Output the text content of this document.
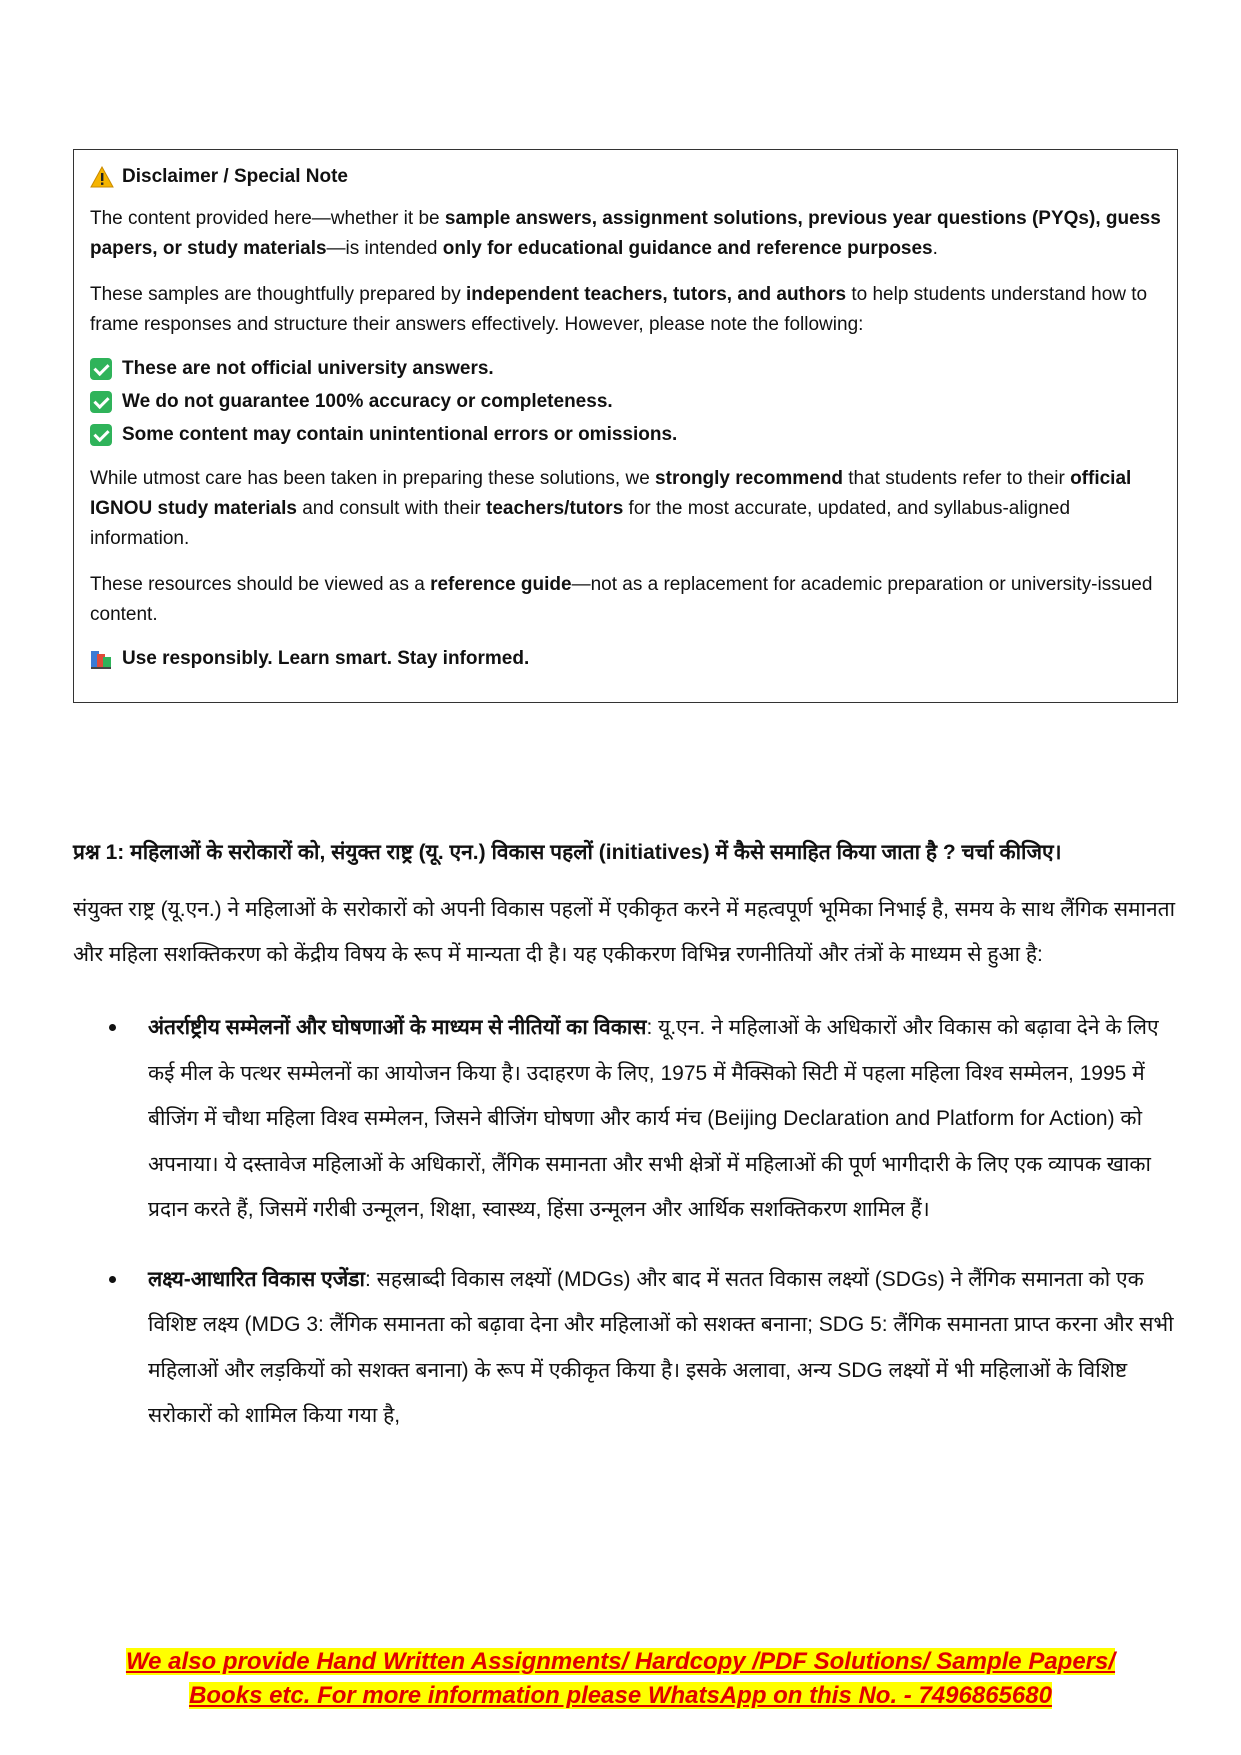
Disclaimer / Special Note

The content provided here—whether it be sample answers, assignment solutions, previous year questions (PYQs), guess papers, or study materials—is intended only for educational guidance and reference purposes.

These samples are thoughtfully prepared by independent teachers, tutors, and authors to help students understand how to frame responses and structure their answers effectively. However, please note the following:

These are not official university answers.
We do not guarantee 100% accuracy or completeness.
Some content may contain unintentional errors or omissions.

While utmost care has been taken in preparing these solutions, we strongly recommend that students refer to their official IGNOU study materials and consult with their teachers/tutors for the most accurate, updated, and syllabus-aligned information.

These resources should be viewed as a reference guide—not as a replacement for academic preparation or university-issued content.

Use responsibly. Learn smart. Stay informed.

प्रश्न 1: महिलाओं के सरोकारों को, संयुक्त राष्ट्र (यू. एन.) विकास पहलों (initiatives) में कैसे समाहित किया जाता है ? चर्चा कीजिए।

संयुक्त राष्ट्र (यू.एन.) ने महिलाओं के सरोकारों को अपनी विकास पहलों में एकीकृत करने में महत्वपूर्ण भूमिका निभाई है, समय के साथ लैंगिक समानता और महिला सशक्तिकरण को केंद्रीय विषय के रूप में मान्यता दी है। यह एकीकरण विभिन्न रणनीतियों और तंत्रों के माध्यम से हुआ है:

अंतर्राष्ट्रीय सम्मेलनों और घोषणाओं के माध्यम से नीतियों का विकास: यू.एन. ने महिलाओं के अधिकारों और विकास को बढ़ावा देने के लिए कई मील के पत्थर सम्मेलनों का आयोजन किया है। उदाहरण के लिए, 1975 में मैक्सिको सिटी में पहला महिला विश्व सम्मेलन, 1995 में बीजिंग में चौथा महिला विश्व सम्मेलन, जिसने बीजिंग घोषणा और कार्य मंच (Beijing Declaration and Platform for Action) को अपनाया। ये दस्तावेज महिलाओं के अधिकारों, लैंगिक समानता और सभी क्षेत्रों में महिलाओं की पूर्ण भागीदारी के लिए एक व्यापक खाका प्रदान करते हैं, जिसमें गरीबी उन्मूलन, शिक्षा, स्वास्थ्य, हिंसा उन्मूलन और आर्थिक सशक्तिकरण शामिल हैं।
लक्ष्य-आधारित विकास एजेंडा: सहस्राब्दी विकास लक्ष्यों (MDGs) और बाद में सतत विकास लक्ष्यों (SDGs) ने लैंगिक समानता को एक विशिष्ट लक्ष्य (MDG 3: लैंगिक समानता को बढ़ावा देना और महिलाओं को सशक्त बनाना; SDG 5: लैंगिक समानता प्राप्त करना और सभी महिलाओं और लड़कियों को सशक्त बनाना) के रूप में एकीकृत किया है। इसके अलावा, अन्य SDG लक्ष्यों में भी महिलाओं के विशिष्ट सरोकारों को शामिल किया गया है,
We also provide Hand Written Assignments/ Hardcopy /PDF Solutions/ Sample Papers/
Books etc. For more information please WhatsApp on this No. - 7496865680
